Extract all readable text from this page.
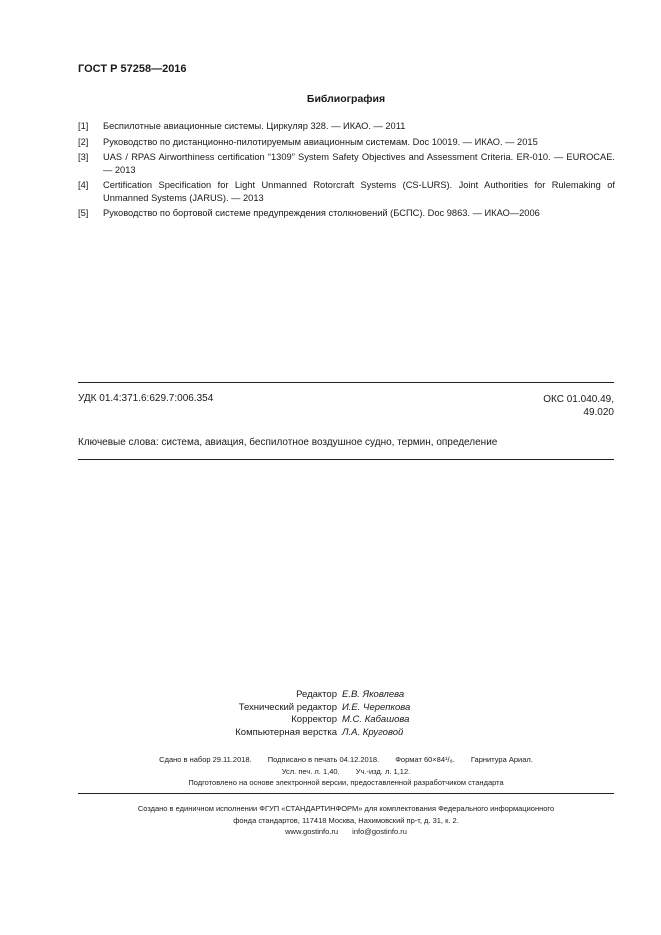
ГОСТ Р 57258—2016
Библиография
[1]	Беспилотные авиационные системы. Циркуляр 328. — ИКАО. — 2011
[2]	Руководство по дистанционно-пилотируемым авиационным системам. Doc 10019. — ИКАО. — 2015
[3]	UAS / RPAS Airworthiness certification “1309” System Safety Objectives and Assessment Criteria. ER-010. — EUROCAE. — 2013
[4]	Certification Specification for Light Unmanned Rotorcraft Systems (CS-LURS). Joint Authorities for Rulemaking of Unmanned Systems (JARUS). — 2013
[5]	Руководство по бортовой системе предупреждения столкновений (БСПС). Doc 9863. — ИКАО—2006
УДК 01.4:371.6:629.7:006.354	ОКС 01.040.49,
49.020
Ключевые слова: система, авиация, беспилотное воздушное судно, термин, определение
Редактор Е.В. Яковлева
Технический редактор И.Е. Черепкова
Корректор М.С. Кабашова
Компьютерная верстка Л.А. Круговой
Сдано в набор 29.11.2018. Подписано в печать 04.12.2018. Формат 60×84¹/₈. Гарнитура Ариал.
Усл. печ. л. 1,40. Уч.-изд. л. 1,12.
Подготовлено на основе электронной версии, предоставленной разработчиком стандарта
Создано в единичном исполнении ФГУП «СТАНДАРТИНФОРМ» для комплектования Федерального информационного
фонда стандартов, 117418 Москва, Нахимовский пр-т, д. 31, к. 2.
www.gostinfo.ru info@gostinfo.ru
